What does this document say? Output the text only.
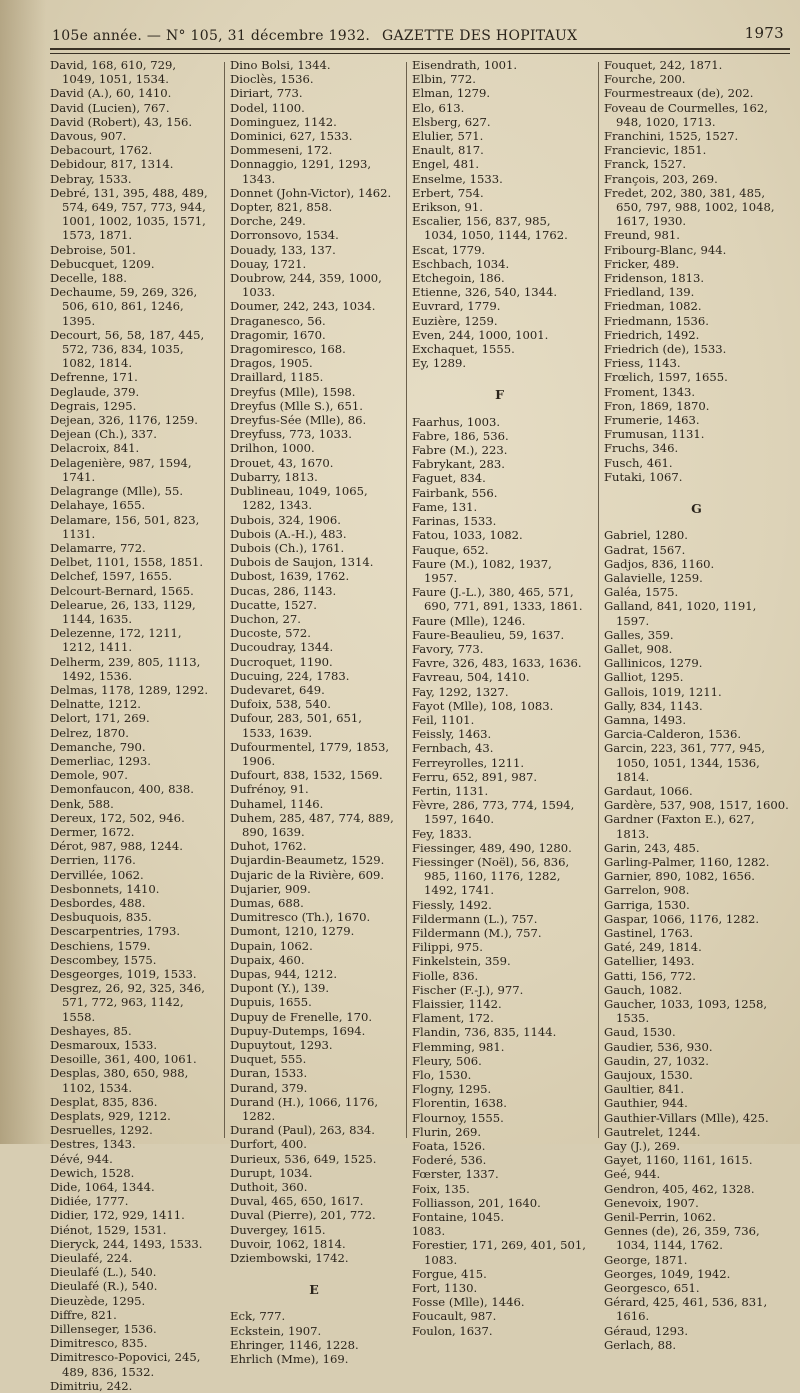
105e année. — N° 105, 31 décembre 1932. GAZETTE DES HOPITAUX	1973

David, 168, 610, 729, 1049, 1051, 1534.

David (A.), 60, 1410.

David (Lucien), 767.

David (Robert), 43, 156.

Davous, 907.

Debacourt, 1762.

Debidour, 817, 1314.

Debray, 1533.

Debré, 131, 395, 488, 489, 574, 649, 757, 773, 944, 1001, 1002, 1035, 1571, 1573, 1871.

Debroise, 501.

Debucquet, 1209.

Decelle, 188.

Dechaume, 59, 269, 326, 506, 610, 861, 1246, 1395.

Decourt, 56, 58, 187, 445, 572, 736, 834, 1035, 1082, 1814.

Defrenne, 171.

Deglaude, 379.

Degrais, 1295.

Dejean, 326, 1176, 1259.

Dejean (Ch.), 337.

Delacroix, 841.

Delagenière, 987, 1594, 1741.

Delagrange (Mlle), 55.

Delahaye, 1655.

Delamare, 156, 501, 823, 1131.

Delamarre, 772.

Delbet, 1101, 1558, 1851.

Delchef, 1597, 1655.

Delcourt-Bernard, 1565.

Delearue, 26, 133, 1129, 1144, 1635.

Delezenne, 172, 1211, 1212, 1411.

Delherm, 239, 805, 1113, 1492, 1536.

Delmas, 1178, 1289, 1292.

Delnatte, 1212.

Delort, 171, 269.

Delrez, 1870.

Demanche, 790.

Demerliac, 1293.

Demole, 907.

Demonfaucon, 400, 838.

Denk, 588.

Dereux, 172, 502, 946.

Dermer, 1672.

Dérot, 987, 988, 1244.

Derrien, 1176.

Dervillée, 1062.

Desbonnets, 1410.

Desbordes, 488.

Desbuquois, 835.

Descarpentries, 1793.

Deschiens, 1579.

Descombey, 1575.

Desgeorges, 1019, 1533.

Desgrez, 26, 92, 325, 346, 571, 772, 963, 1142, 1558.

Deshayes, 85.

Desmaroux, 1533.

Desoille, 361, 400, 1061.

Desplas, 380, 650, 988, 1102, 1534.

Desplat, 835, 836.

Desplats, 929, 1212.

Desruelles, 1292.

Destres, 1343.

Dévé, 944.

Dewich, 1528.

Dide, 1064, 1344.

Didiée, 1777.

Didier, 172, 929, 1411.

Diénot, 1529, 1531.

Dieryck, 244, 1493, 1533.

Dieulafé, 224.

Dieulafé (L.), 540.

Dieulafé (R.), 540.

Dieuzède, 1295.

Diffre, 821.

Dillenseger, 1536.

Dimitresco, 835.

Dimitresco-Popovici, 245, 489, 836, 1532.

Dimitriu, 242.

Dino Bolsi, 1344.

Dioclès, 1536.

Diriart, 773.

Dodel, 1100.

Dominguez, 1142.

Dominici, 627, 1533.

Dommeseni, 172.

Donnaggio, 1291, 1293, 1343.

Donnet (John-Victor), 1462.

Dopter, 821, 858.

Dorche, 249.

Dorronsovo, 1534.

Douady, 133, 137.

Douay, 1721.

Doubrow, 244, 359, 1000, 1033.

Doumer, 242, 243, 1034.

Draganesco, 56.

Dragomir, 1670.

Dragomiresco, 168.

Dragos, 1905.

Draillard, 1185.

Dreyfus (Mlle), 1598.

Dreyfus (Mlle S.), 651.

Dreyfus-Sée (Mlle), 86.

Dreyfuss, 773, 1033.

Drilhon, 1000.

Drouet, 43, 1670.

Dubarry, 1813.

Dublineau, 1049, 1065, 1282, 1343.

Dubois, 324, 1906.

Dubois (A.-H.), 483.

Dubois (Ch.), 1761.

Dubois de Saujon, 1314.

Dubost, 1639, 1762.

Ducas, 286, 1143.

Ducatte, 1527.

Duchon, 27.

Ducoste, 572.

Ducoudray, 1344.

Ducroquet, 1190.

Ducuing, 224, 1783.

Dudevaret, 649.

Dufoix, 538, 540.

Dufour, 283, 501, 651, 1533, 1639.

Dufourmentel, 1779, 1853, 1906.

Dufourt, 838, 1532, 1569.

Dufrénoy, 91.

Duhamel, 1146.

Duhem, 285, 487, 774, 889, 890, 1639.

Duhot, 1762.

Dujardin-Beaumetz, 1529.

Dujaric de la Rivière, 609.

Dujarier, 909.

Dumas, 688.

Dumitresco (Th.), 1670.

Dumont, 1210, 1279.

Dupain, 1062.

Dupaix, 460.

Dupas, 944, 1212.

Dupont (Y.), 139.

Dupuis, 1655.

Dupuy de Frenelle, 170.

Dupuy-Dutemps, 1694.

Dupuytout, 1293.

Duquet, 555.

Duran, 1533.

Durand, 379.

Durand (H.), 1066, 1176, 1282.

Durand (Paul), 263, 834.

Durfort, 400.

Durieux, 536, 649, 1525.

Durupt, 1034.

Duthoit, 360.

Duval, 465, 650, 1617.

Duval (Pierre), 201, 772.

Duvergey, 1615.

Duvoir, 1062, 1814.

Dziembowski, 1742.

E

Eck, 777.

Eckstein, 1907.

Ehringer, 1146, 1228.

Ehrlich (Mme), 169.

Eisendrath, 1001.

Elbin, 772.

Elman, 1279.

Elo, 613.

Elsberg, 627.

Elulier, 571.

Enault, 817.

Engel, 481.

Enselme, 1533.

Erbert, 754.

Erikson, 91.

Escalier, 156, 837, 985, 1034, 1050, 1144, 1762.

Escat, 1779.

Eschbach, 1034.

Etchegoin, 186.

Etienne, 326, 540, 1344.

Euvrard, 1779.

Euzière, 1259.

Even, 244, 1000, 1001.

Exchaquet, 1555.

Ey, 1289.

F

Faarhus, 1003.

Fabre, 186, 536.

Fabre (M.), 223.

Fabrykant, 283.

Faguet, 834.

Fairbank, 556.

Fame, 131.

Farinas, 1533.

Fatou, 1033, 1082.

Fauque, 652.

Faure (M.), 1082, 1937, 1957.

Faure (J.-L.), 380, 465, 571, 690, 771, 891, 1333, 1861.

Faure (Mlle), 1246.

Faure-Beaulieu, 59, 1637.

Favory, 773.

Favre, 326, 483, 1633, 1636.

Favreau, 504, 1410.

Fay, 1292, 1327.

Fayot (Mlle), 108, 1083.

Feil, 1101.

Feissly, 1463.

Fernbach, 43.

Ferreyrolles, 1211.

Ferru, 652, 891, 987.

Fertin, 1131.

Fèvre, 286, 773, 774, 1594, 1597, 1640.

Fey, 1833.

Fiessinger, 489, 490, 1280.

Fiessinger (Noël), 56, 836, 985, 1160, 1176, 1282, 1492, 1741.

Fiessly, 1492.

Fildermann (L.), 757.

Fildermann (M.), 757.

Filippi, 975.

Finkelstein, 359.

Fiolle, 836.

Fischer (F.-J.), 977.

Flaissier, 1142.

Flament, 172.

Flandin, 736, 835, 1144.

Flemming, 981.

Fleury, 506.

Flo, 1530.

Flogny, 1295.

Florentin, 1638.

Flournoy, 1555.

Flurin, 269.

Foata, 1526.

Foderé, 536.

Fœrster, 1337.

Foix, 135.

Folliasson, 201, 1640.

Fontaine, 1045.

1083.

Forestier, 171, 269, 401, 501, 1083.

Forgue, 415.

Fort, 1130.

Fosse (Mlle), 1446.

Foucault, 987.

Foulon, 1637.

Fouquet, 242, 1871.

Fourche, 200.

Fourmestreaux (de), 202.

Foveau de Courmelles, 162, 948, 1020, 1713.

Franchini, 1525, 1527.

Francievic, 1851.

Franck, 1527.

François, 203, 269.

Fredet, 202, 380, 381, 485, 650, 797, 988, 1002, 1048, 1617, 1930.

Freund, 981.

Fribourg-Blanc, 944.

Fricker, 489.

Fridenson, 1813.

Friedland, 139.

Friedman, 1082.

Friedmann, 1536.

Friedrich, 1492.

Friedrich (de), 1533.

Friess, 1143.

Frœlich, 1597, 1655.

Froment, 1343.

Fron, 1869, 1870.

Frumerie, 1463.

Frumusan, 1131.

Fruchs, 346.

Fusch, 461.

Futaki, 1067.

G

Gabriel, 1280.

Gadrat, 1567.

Gadjos, 836, 1160.

Galavielle, 1259.

Galéa, 1575.

Galland, 841, 1020, 1191, 1597.

Galles, 359.

Gallet, 908.

Gallinicos, 1279.

Galliot, 1295.

Gallois, 1019, 1211.

Gally, 834, 1143.

Gamna, 1493.

Garcia-Calderon, 1536.

Garcin, 223, 361, 777, 945, 1050, 1051, 1344, 1536, 1814.

Gardaut, 1066.

Gardère, 537, 908, 1517, 1600.

Gardner (Faxton E.), 627, 1813.

Garin, 243, 485.

Garling-Palmer, 1160, 1282.

Garnier, 890, 1082, 1656.

Garrelon, 908.

Garriga, 1530.

Gaspar, 1066, 1176, 1282.

Gastinel, 1763.

Gaté, 249, 1814.

Gatellier, 1493.

Gatti, 156, 772.

Gauch, 1082.

Gaucher, 1033, 1093, 1258, 1535.

Gaud, 1530.

Gaudier, 536, 930.

Gaudin, 27, 1032.

Gaujoux, 1530.

Gaultier, 841.

Gauthier, 944.

Gauthier-Villars (Mlle), 425.

Gautrelet, 1244.

Gay (J.), 269.

Gayet, 1160, 1161, 1615.

Geé, 944.

Gendron, 405, 462, 1328.

Genevoix, 1907.

Genil-Perrin, 1062.

Gennes (de), 26, 359, 736, 1034, 1144, 1762.

George, 1871.

Georges, 1049, 1942.

Georgesco, 651.

Gérard, 425, 461, 536, 831, 1616.

Géraud, 1293.

Gerlach, 88.
